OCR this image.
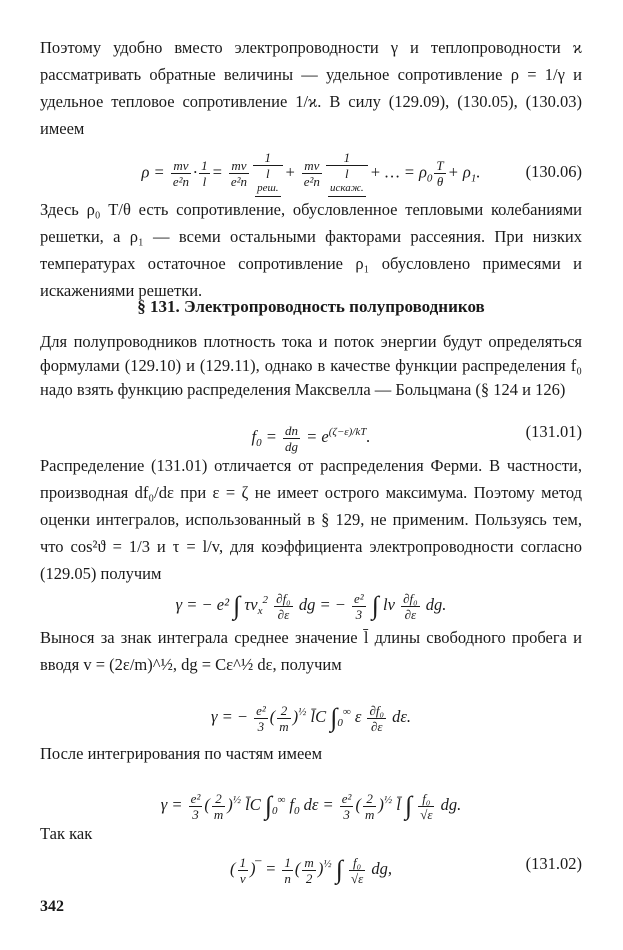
Поэтому удобно вместо электропроводности γ и теплопроводности ϰ рассматривать обратные величины — удельное сопротивление ρ = 1/γ и удельное тепловое сопротивление 1/ϰ. В силу (129.09), (130.05), (130.03) имеем

$\rho = \frac{mv}{\text{e²n}} \cdot \frac{1}{l} = \frac{mv}{\text{e²n}} 1$
l
реш. + $\frac{mv}{\text{e²n}} 1$
l
искаж. + … = $\rho_0 \frac{T}{\theta} + \rho_1$.	(130.06)

Здесь ρ₀ T/θ есть сопротивление, обусловленное тепловыми колебаниями решетки, а ρ₁ — всеми остальными факторами рассеяния. При низких температурах остаточное сопротивление ρ₁ обусловлено примесями и искажениями решетки.

§ 131. Электропроводность полупроводников

Для полупроводников плотность тока и поток энергии будут определяться формулами (129.10) и (129.11), однако в качестве функции распределения f₀ надо взять функцию распределения Максвелла — Больцмана (§ 124 и 126)

$f_0 = \frac{dn}{dg} = e^{(\zeta-\varepsilon)/kT}$.	(131.01)

Распределение (131.01) отличается от распределения Ферми. В частности, производная df₀/dε при ε = ζ не имеет острого максимума. Поэтому метод оценки интегралов, использованный в § 129, не применим. Пользуясь тем, что cos²ϑ = 1/3 и τ = l/v, для коэффициента электропроводности согласно (129.05) получим

γ = − e² ∫ $\tau v_x^2 \frac{\text{∂f₀}}{\partial\varepsilon}$ dg = − $\frac{\text{e²}}{3}$ ∫ lv $\frac{\text{∂f₀}}{\partial\varepsilon}$ dg.

Вынося за знак интеграла среднее значение l̄ длины свободного пробега и вводя v = (2ε/m)^½, dg = Cε^½ dε, получим

γ = − $\frac{\text{e²}}{3}$ ( $\frac{2}{m} )^{\frac{1}{2}}$ l̄C $\int_0^\infty$ ε $\frac{\text{∂f₀}}{\partial\varepsilon} d\varepsilon$.

После интегрирования по частям имеем

$\gamma = \frac{\text{e²}}{3}$ ( $\frac{2}{m} )^{\frac{1}{2}}$ l̄C $\int_0^\infty$ $f_0$ $d\varepsilon = \frac{\text{e²}}{3}$ ( $\frac{2}{m} )^{\frac{1}{2}}$ l̄ ∫ $\frac{\text{f₀}}{√\varepsilon}$ dg.

Так как

( $\frac{1}{v}$ )‾ = $\frac{1}{n}$ ( $\frac{m}{2} )^{\frac{1}{2}}$ ∫ $\frac{\text{f₀}}{√\varepsilon}$ dg,	(131.02)

342
